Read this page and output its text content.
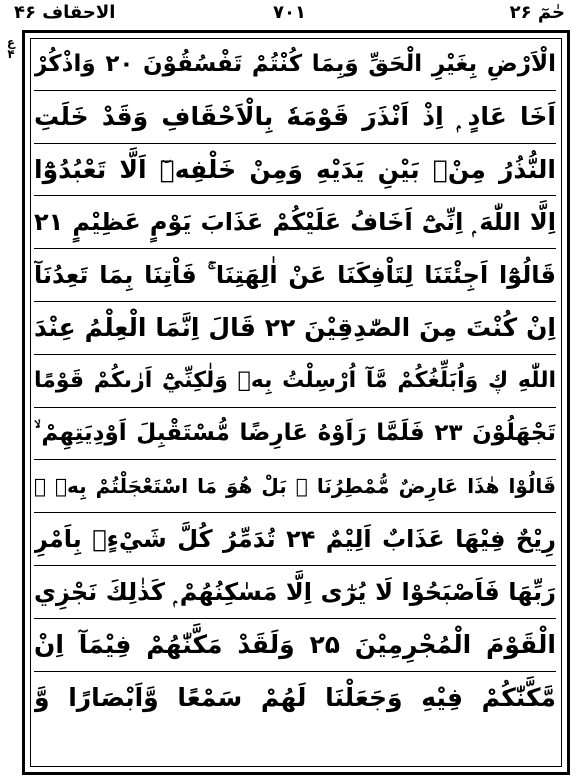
حٰمٓ ۲۶
۷۰۱
الاحقاف ۴۶
ع ۴ الْاَرْضِ بِغَيْرِ الْحَقِّ وَبِمَا كُنْتُمْ تَفْسُقُوْنَ ۲۰ وَاذْكُرْ
اَخَا عَادٍ ۭ اِذْ اَنْذَرَ قَوْمَهٗ بِالْاَحْقَافِ وَقَدْ خَلَتِ
النُّذُرُ مِنْۢ بَيْنِ يَدَيْهِ وَمِنْ خَلْفِهٖٓ اَلَّا تَعْبُدُوْٓا
اِلَّا اللّٰهَ ۭ اِنِّىْٓ اَخَافُ عَلَيْكُمْ عَذَابَ يَوْمٍ عَظِيْمٍ ۲۱
قَالُوْٓا اَجِئْتَنَا لِتَاْفِكَنَا عَنْ اٰلِهَتِنَا ۚ فَاْتِنَا بِمَا تَعِدُنَآ
اِنْ كُنْتَ مِنَ الصّٰدِقِيْنَ ۲۲ قَالَ اِنَّمَا الْعِلْمُ عِنْدَ
اللّٰهِ ڮ وَاُبَلِّغُكُمْ مَّآ اُرْسِلْتُ بِهٖ وَلٰكِنِّيْٓ اَرٰىكُمْ قَوْمًا
تَجْهَلُوْنَ ۲۳ فَلَمَّا رَاَوْهُ عَارِضًا مُّسْتَقْبِلَ اَوْدِيَتِهِمْ ۙ
قَالُوْا هٰذَا عَارِضٌ مُّمْطِرُنَا ۭ بَلْ هُوَ مَا اسْتَعْجَلْتُمْ بِهٖ ۭ
رِيْحٌ فِيْهَا عَذَابٌ اَلِيْمٌ ۲۴ تُدَمِّرُ كُلَّ شَيْءٍۢ بِاَمْرِ
رَبِّهَا فَاَصْبَحُوْا لَا يُرٰٓى اِلَّا مَسٰكِنُهُمْ ۭ كَذٰلِكَ نَجْزِي
الْقَوْمَ الْمُجْرِمِيْنَ ۲۵ وَلَقَدْ مَكَّنّٰهُمْ فِيْمَآ اِنْ
مَّكَّنّٰكُمْ فِيْهِ وَجَعَلْنَا لَهُمْ سَمْعًا وَّاَبْصَارًا وَّ
